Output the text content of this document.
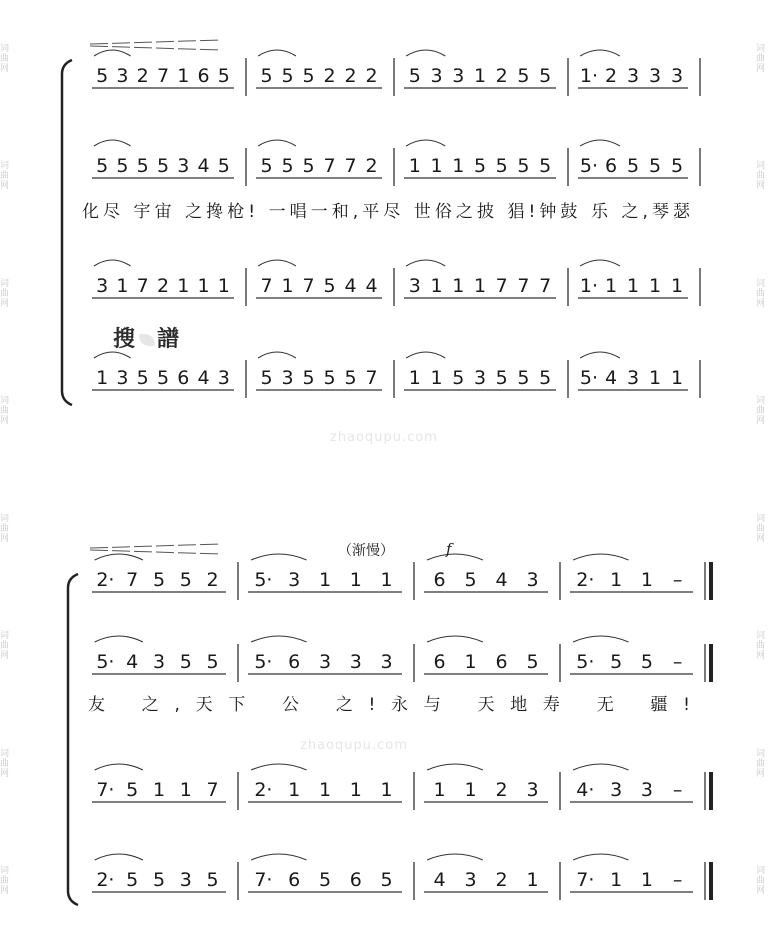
词曲网
词曲网
词曲网
词曲网
词曲网
词曲网
词曲网
词曲网
词曲网
词曲网
词曲网
词曲网
词曲网
词曲网
词曲网
词曲网
5 3 2 7 1 6 5 5 5 5 2 2 2 5 3 3 1 2 5 5 1· 2 3 3 3
5 5 5 5 3 4 5 5 5 5 7 7 2 1 1 1 5 5 5 5 5· 6 5 5 5
3 1 7 2 1 1 1 7 1 7 5 4 4 3 1 1 1 7 7 7 1· 1 1 1 1
1 3 5 5 6 4 3 5 3 5 5 5 7 1 1 5 3 5 5 5 5· 4 3 1 1
化尽 宇宙 之搀枪! 一唱一和,平尽 世俗之披 猖!钟鼓 乐 之,琴瑟
2· 7 5 5 2 5· 3 1 1 1 6 5 4 3 2· 1 1 –
5· 4 3 5 5 5· 6 3 3 3 6 1 6 5 5· 5 5 –
7· 5 1 1 7 2· 1 1 1 1 1 1 2 3 4· 3 3 –
2· 5 5 3 5 7· 6 5 6 5 4 3 2 1 7· 1 1 –
友 之,天下 公 之!永与 天地寿 无 疆!
搜 譜
zhaoqupu.com
zhaoqupu.com
（渐慢）	f
